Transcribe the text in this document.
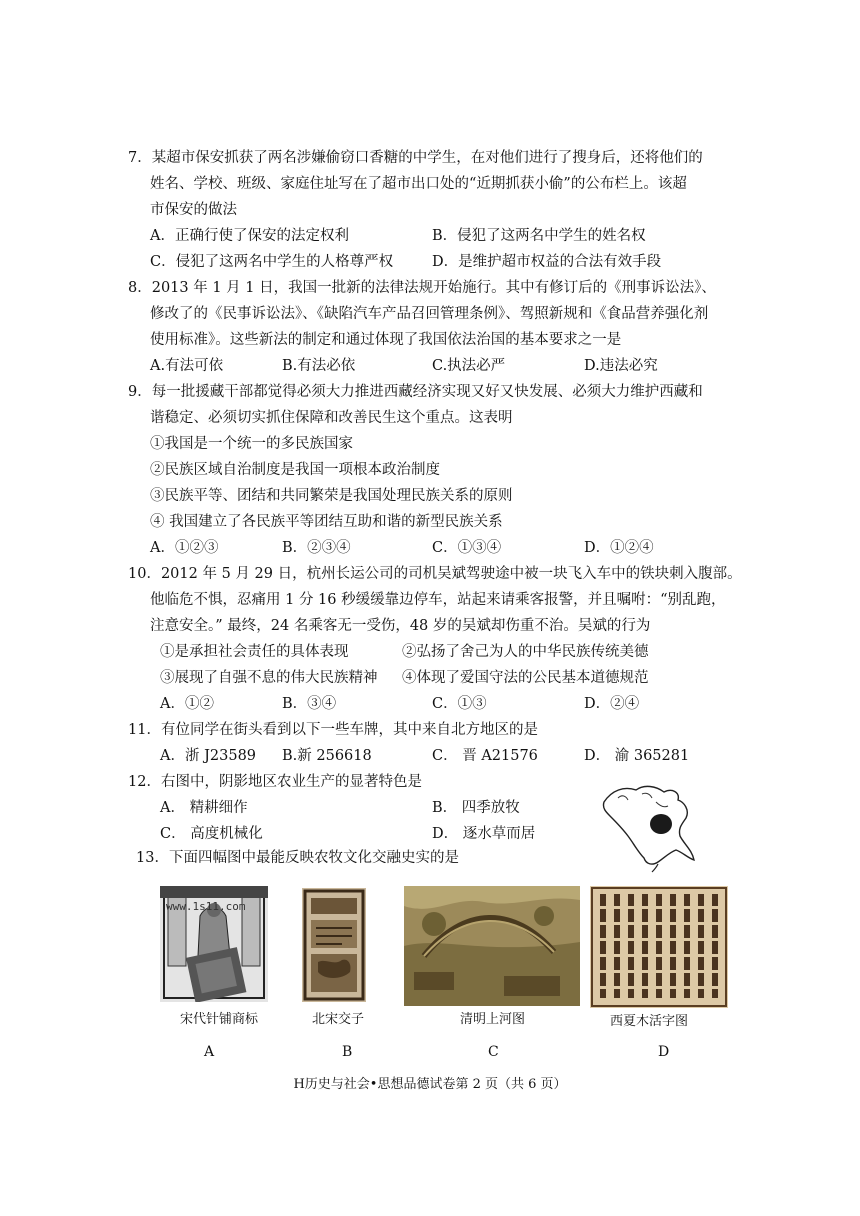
7．某超市保安抓获了两名涉嫌偷窃口香糖的中学生，在对他们进行了搜身后，还将他们的
姓名、学校、班级、家庭住址写在了超市出口处的“近期抓获小偷”的公布栏上。该超
市保安的做法
A．正确行使了保安的法定权利	B．侵犯了这两名中学生的姓名权
C．侵犯了这两名中学生的人格尊严权	D．是维护超市权益的合法有效手段
8．2013 年 1 月 1 日，我国一批新的法律法规开始施行。其中有修订后的《刑事诉讼法》、
修改了的《民事诉讼法》、《缺陷汽车产品召回管理条例》、驾照新规和《食品营养强化剂
使用标准》。这些新法的制定和通过体现了我国依法治国的基本要求之一是
A.有法可依	B.有法必依	C.执法必严	D.违法必究
9．每一批援藏干部都觉得必须大力推进西藏经济实现又好又快发展、必须大力维护西藏和
谐稳定、必须切实抓住保障和改善民生这个重点。这表明
①我国是一个统一的多民族国家
②民族区域自治制度是我国一项根本政治制度
③民族平等、团结和共同繁荣是我国处理民族关系的原则
④ 我国建立了各民族平等团结互助和谐的新型民族关系
A．①②③	B．②③④	C．①③④	D．①②④
10．2012 年 5 月 29 日，杭州长运公司的司机吴斌驾驶途中被一块飞入车中的铁块刺入腹部。
他临危不惧，忍痛用 1 分 16 秒缓缓靠边停车，站起来请乘客报警，并且嘱咐：“别乱跑，
注意安全。” 最终，24 名乘客无一受伤，48 岁的吴斌却伤重不治。吴斌的行为
①是承担社会责任的具体表现	②弘扬了舍己为人的中华民族传统美德
③展现了自强不息的伟大民族精神 ④体现了爱国守法的公民基本道德规范
A．①②	B．③④	C．①③	D．②④
11．有位同学在街头看到以下一些车牌，其中来自北方地区的是
A．浙 J23589 B.新 256618	C． 晋 A21576	D． 渝 365281
12．右图中，阴影地区农业生产的显著特色是
A． 精耕细作	B． 四季放牧
C． 高度机械化	D． 逐水草而居
13．下面四幅图中最能反映农牧文化交融史实的是
www.1s11.com
宋代针铺商标	北宋交子	清明上河图	西夏木活字图
A	B	C	D
H历史与社会•思想品德试卷第 2 页（共 6 页）
